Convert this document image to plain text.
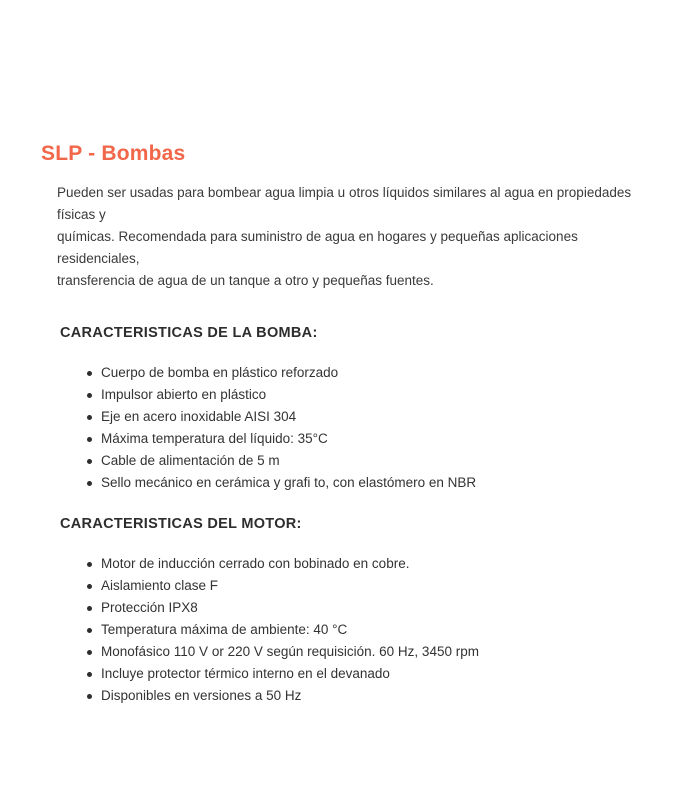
SLP - Bombas
Pueden ser usadas para bombear agua limpia u otros líquidos similares al agua en propiedades físicas y
químicas. Recomendada para suministro de agua en hogares y pequeñas aplicaciones residenciales,
transferencia de agua de un tanque a otro y pequeñas fuentes.
CARACTERISTICAS DE LA BOMBA:
Cuerpo de bomba en plástico reforzado
Impulsor abierto en plástico
Eje en acero inoxidable AISI 304
Máxima temperatura del líquido: 35°C
Cable de alimentación de 5 m
Sello mecánico en cerámica y grafi to, con elastómero en NBR
CARACTERISTICAS DEL MOTOR:
Motor de inducción cerrado con bobinado en cobre.
Aislamiento clase F
Protección IPX8
Temperatura máxima de ambiente: 40 °C
Monofásico 110 V or 220 V según requisición. 60 Hz, 3450 rpm
Incluye protector térmico interno en el devanado
Disponibles en versiones a 50 Hz
